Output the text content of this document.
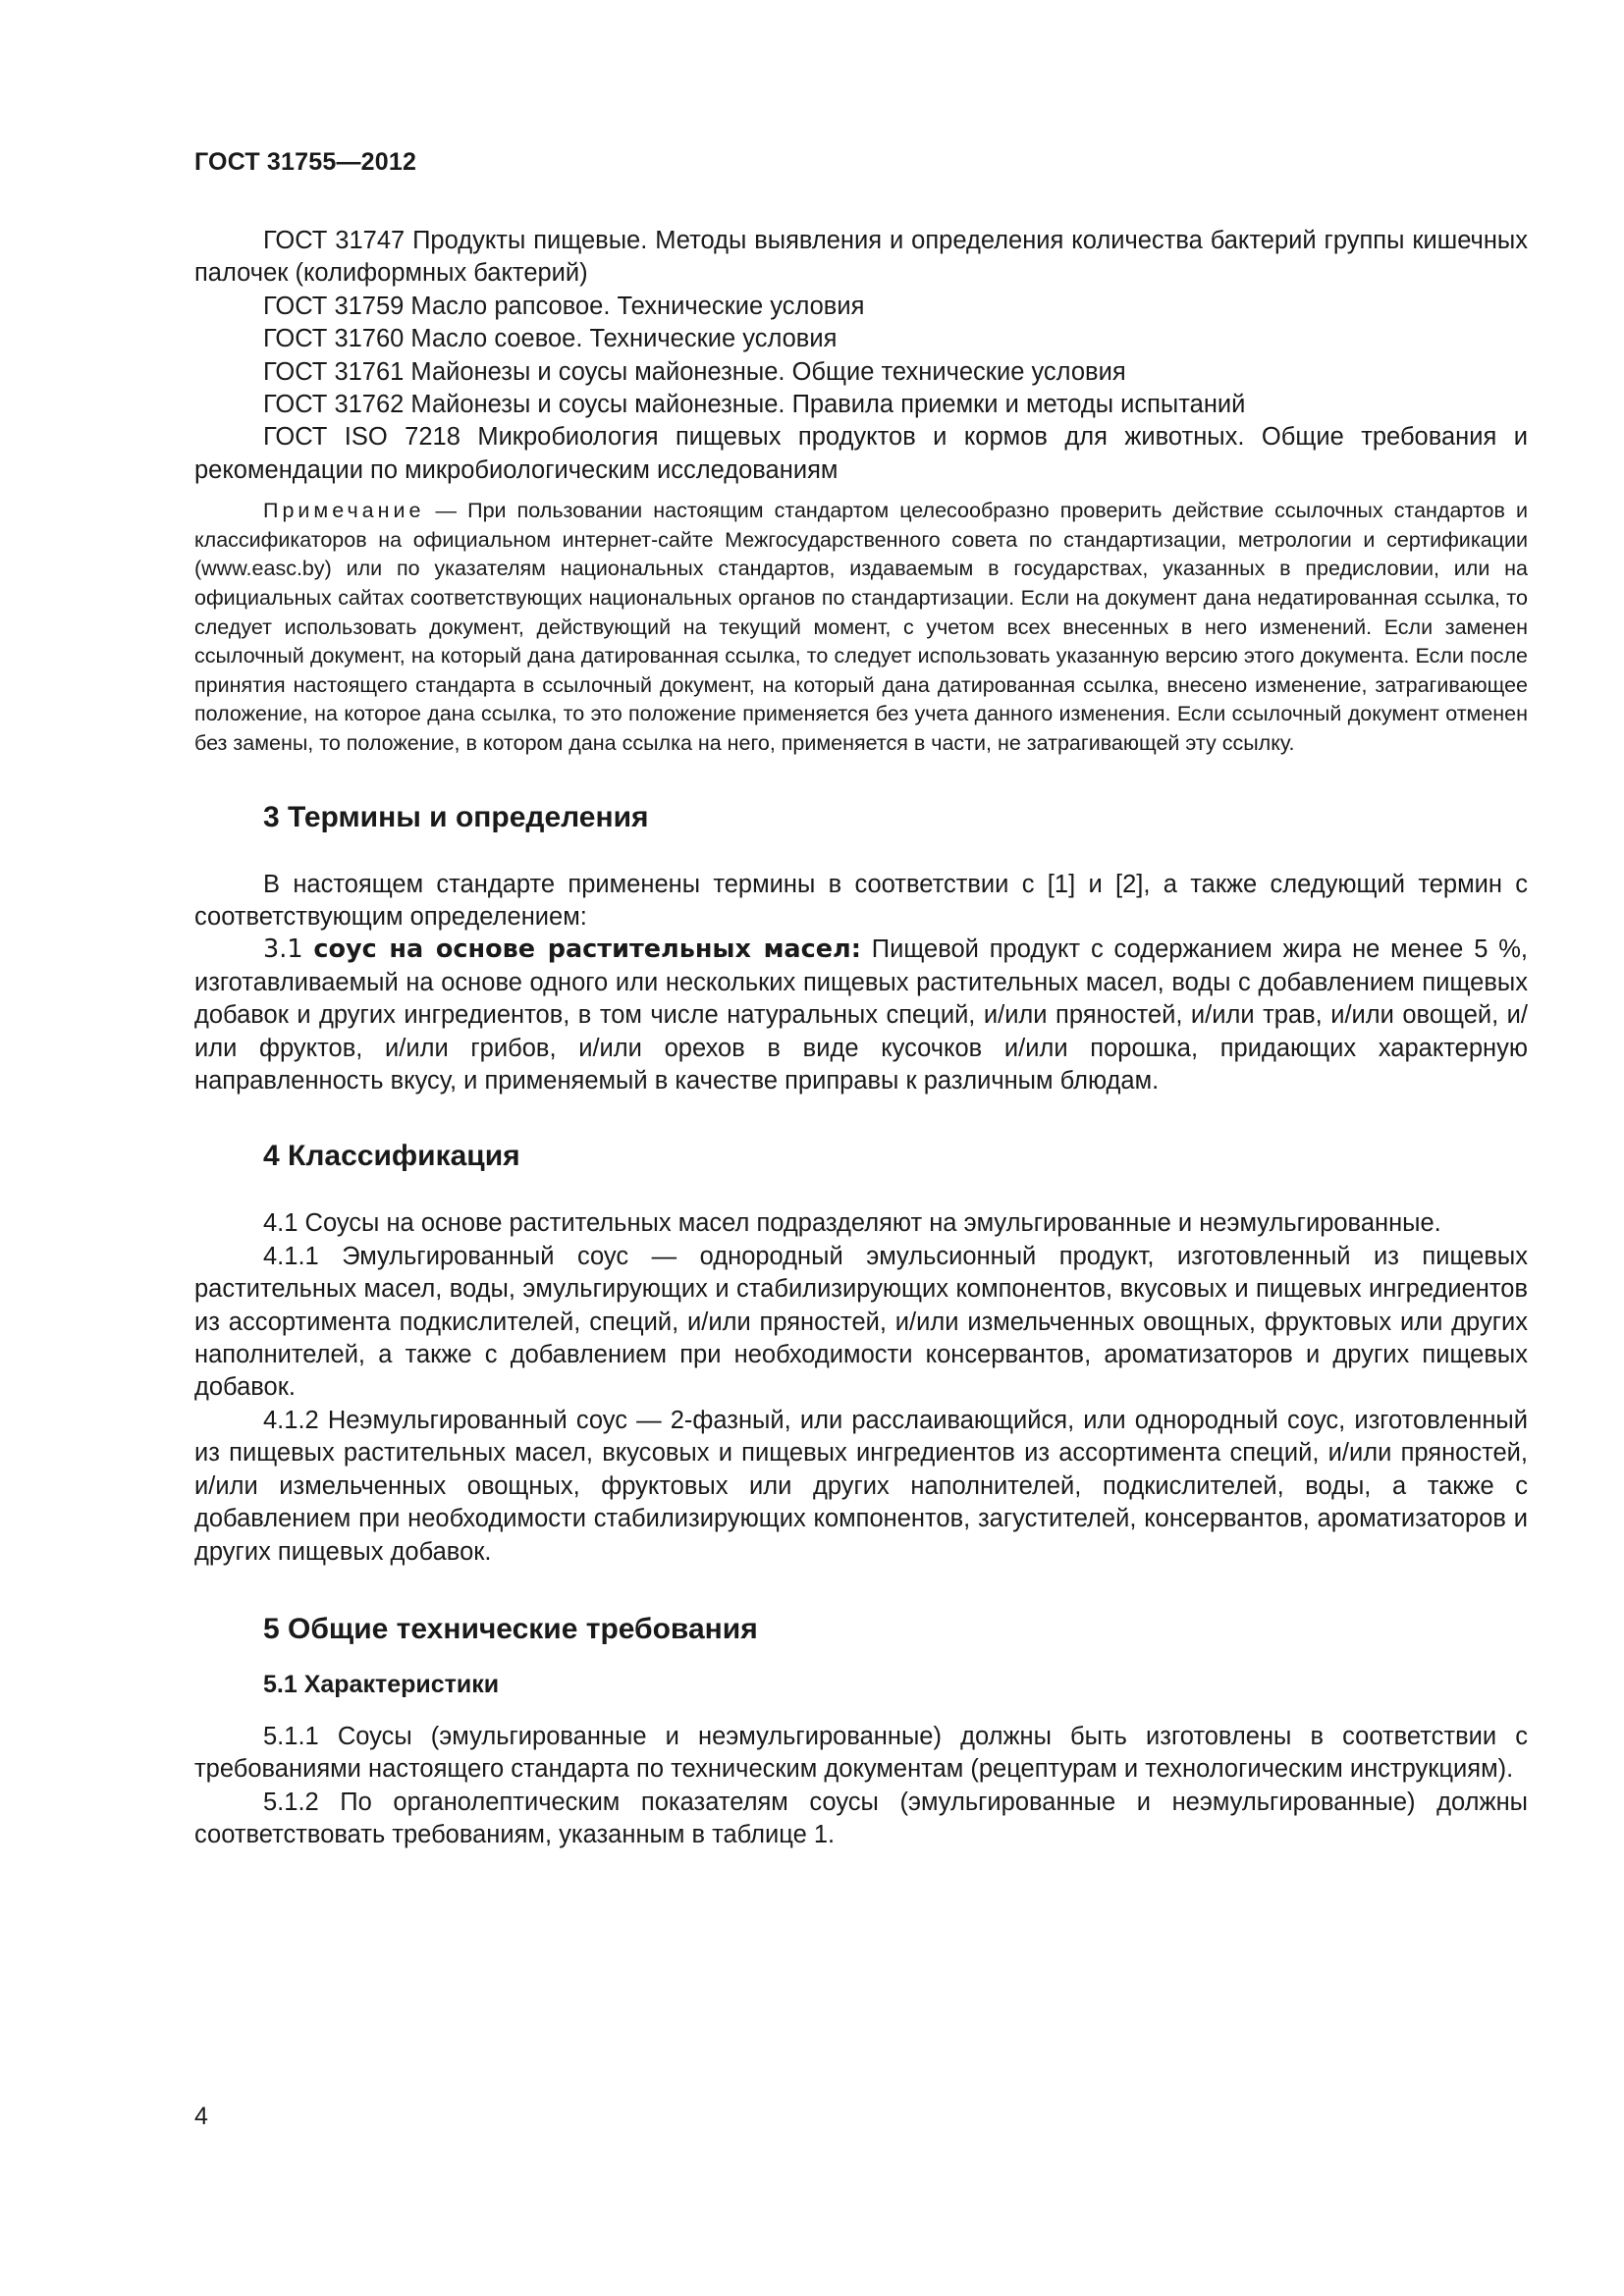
ГОСТ 31755—2012

ГОСТ 31747 Продукты пищевые. Методы выявления и определения количества бактерий группы кишечных палочек (колиформных бактерий)

ГОСТ 31759 Масло рапсовое. Технические условия

ГОСТ 31760 Масло соевое. Технические условия

ГОСТ 31761 Майонезы и соусы майонезные. Общие технические условия

ГОСТ 31762 Майонезы и соусы майонезные. Правила приемки и методы испытаний

ГОСТ ISO 7218 Микробиология пищевых продуктов и кормов для животных. Общие требования и рекомендации по микробиологическим исследованиям

Примечание — При пользовании настоящим стандартом целесообразно проверить действие ссылочных стандартов и классификаторов на официальном интернет-сайте Межгосударственного совета по стандартизации, метрологии и сертификации (www.easc.by) или по указателям национальных стандартов, издаваемым в государствах, указанных в предисловии, или на официальных сайтах соответствующих национальных органов по стандартизации. Если на документ дана недатированная ссылка, то следует использовать документ, действующий на текущий момент, с учетом всех внесенных в него изменений. Если заменен ссылочный документ, на который дана датированная ссылка, то следует использовать указанную версию этого документа. Если после принятия настоящего стандарта в ссылочный документ, на который дана датированная ссылка, внесено изменение, затрагивающее положение, на которое дана ссылка, то это положение применяется без учета данного изменения. Если ссылочный документ отменен без замены, то положение, в котором дана ссылка на него, применяется в части, не затрагивающей эту ссылку.

3 Термины и определения

В настоящем стандарте применены термины в соответствии с [1] и [2], а также следующий термин с соответствующим определением:

3.1 соус на основе растительных масел: Пищевой продукт с содержанием жира не менее 5 %, изготавливаемый на основе одного или нескольких пищевых растительных масел, воды с добавлением пищевых добавок и других ингредиентов, в том числе натуральных специй, и/или пряностей, и/или трав, и/или овощей, и/или фруктов, и/или грибов, и/или орехов в виде кусочков и/или порошка, придающих характерную направленность вкусу, и применяемый в качестве приправы к различным блюдам.

4 Классификация

4.1 Соусы на основе растительных масел подразделяют на эмульгированные и неэмульгированные.

4.1.1 Эмульгированный соус — однородный эмульсионный продукт, изготовленный из пищевых растительных масел, воды, эмульгирующих и стабилизирующих компонентов, вкусовых и пищевых ингредиентов из ассортимента подкислителей, специй, и/или пряностей, и/или измельченных овощных, фруктовых или других наполнителей, а также с добавлением при необходимости консервантов, ароматизаторов и других пищевых добавок.

4.1.2 Неэмульгированный соус — 2-фазный, или расслаивающийся, или однородный соус, изготовленный из пищевых растительных масел, вкусовых и пищевых ингредиентов из ассортимента специй, и/или пряностей, и/или измельченных овощных, фруктовых или других наполнителей, подкислителей, воды, а также с добавлением при необходимости стабилизирующих компонентов, загустителей, консервантов, ароматизаторов и других пищевых добавок.

5 Общие технические требования
5.1 Характеристики

5.1.1 Соусы (эмульгированные и неэмульгированные) должны быть изготовлены в соответствии с требованиями настоящего стандарта по техническим документам (рецептурам и технологическим инструкциям).

5.1.2 По органолептическим показателям соусы (эмульгированные и неэмульгированные) должны соответствовать требованиям, указанным в таблице 1.

4
